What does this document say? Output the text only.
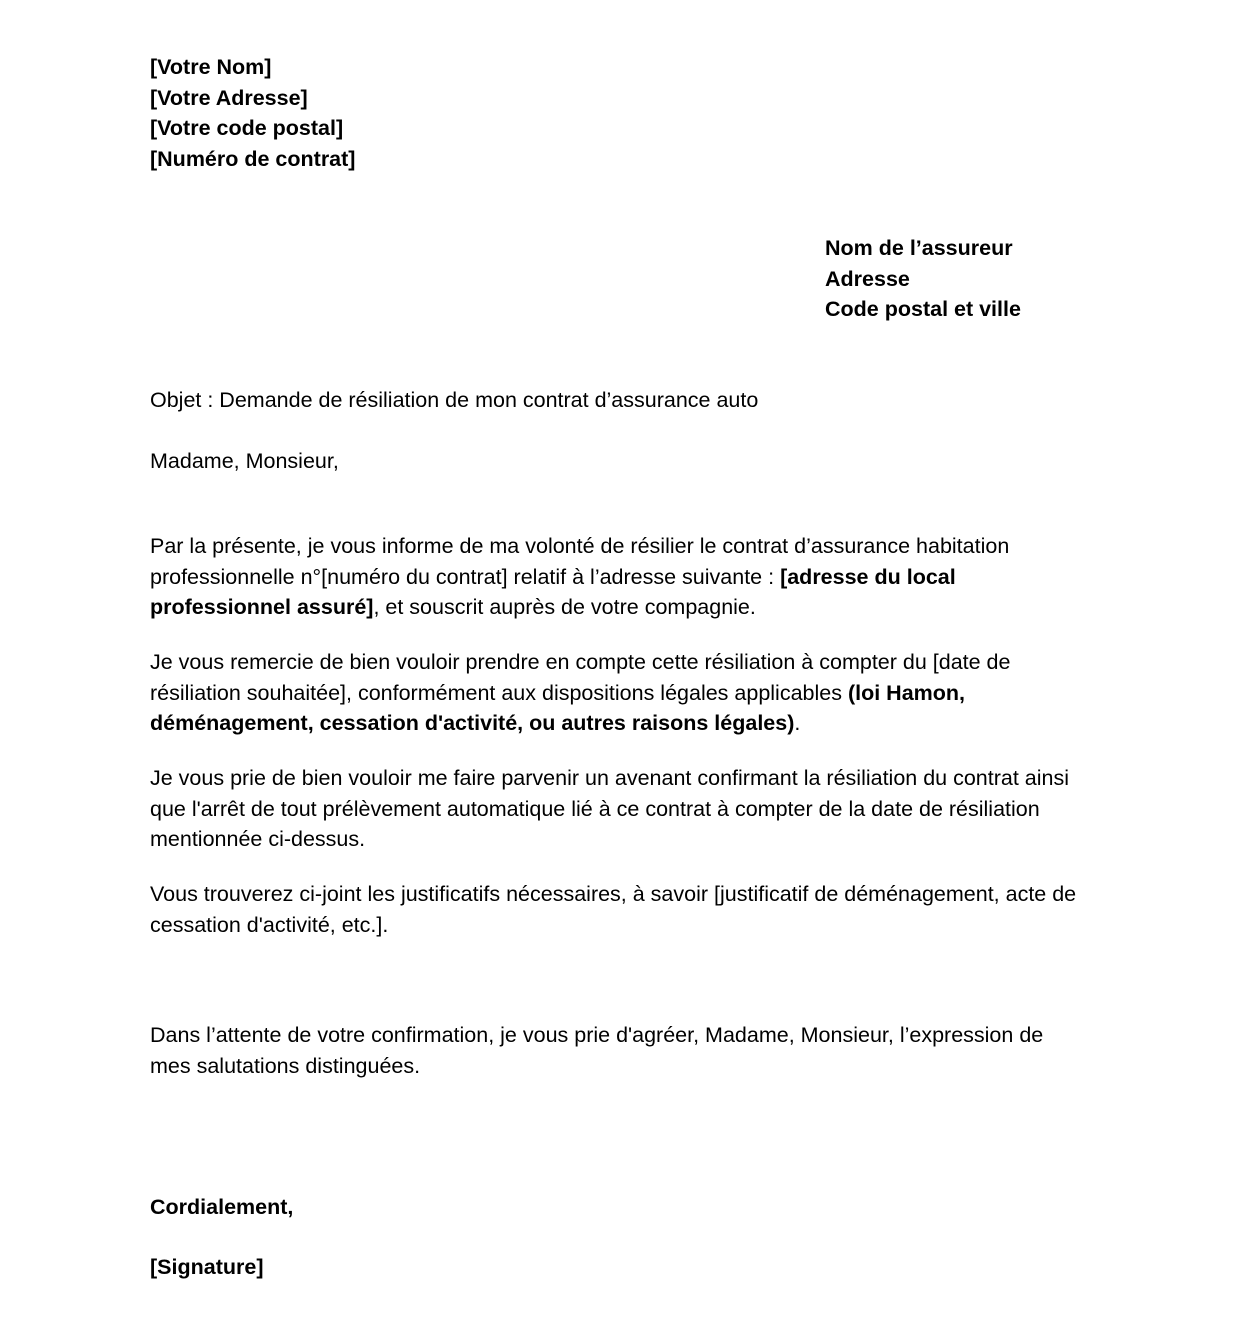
[Votre Nom]
[Votre Adresse]
[Votre code postal]
[Numéro de contrat]
Nom de l’assureur
Adresse
Code postal et ville

Objet : Demande de résiliation de mon contrat d’assurance auto

Madame, Monsieur,

Par la présente, je vous informe de ma volonté de résilier le contrat d’assurance habitation professionnelle n°[numéro du contrat] relatif à l’adresse suivante : [adresse du local professionnel assuré], et souscrit auprès de votre compagnie.

Je vous remercie de bien vouloir prendre en compte cette résiliation à compter du [date de résiliation souhaitée], conformément aux dispositions légales applicables (loi Hamon, déménagement, cessation d'activité, ou autres raisons légales).

Je vous prie de bien vouloir me faire parvenir un avenant confirmant la résiliation du contrat ainsi que l'arrêt de tout prélèvement automatique lié à ce contrat à compter de la date de résiliation mentionnée ci-dessus.

Vous trouverez ci-joint les justificatifs nécessaires, à savoir [justificatif de déménagement, acte de cessation d'activité, etc.].

Dans l’attente de votre confirmation, je vous prie d'agréer, Madame, Monsieur, l’expression de mes salutations distinguées.

Cordialement,

[Signature]
